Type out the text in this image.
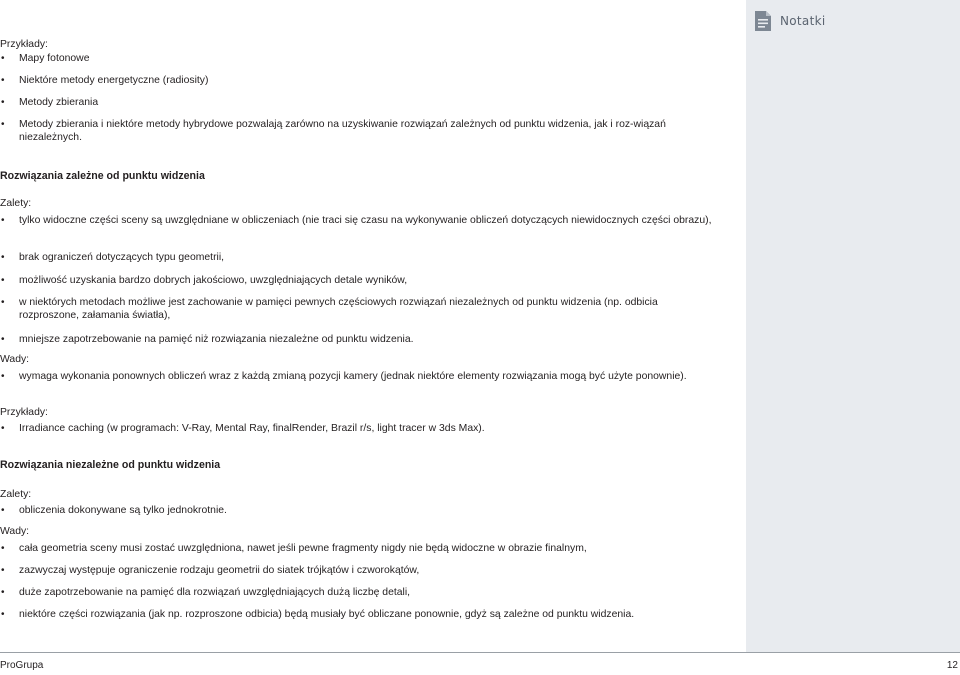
Przykłady:
• Mapy fotonowe
• Niektóre metody energetyczne (radiosity)
• Metody zbierania
• Metody zbierania i niektóre metody hybrydowe pozwalają zarówno na uzyskiwanie rozwiązań zależnych od punktu widzenia, jak i roz-wiązań niezależnych.
Rozwiązania zależne od punktu widzenia
Zalety:
• tylko widoczne części sceny są uwzględniane w obliczeniach (nie traci się czasu na wykonywanie obliczeń dotyczących niewidocznych części obrazu),
• brak ograniczeń dotyczących typu geometrii,
• możliwość uzyskania bardzo dobrych jakościowo, uwzględniających detale wyników,
• w niektórych metodach możliwe jest zachowanie w pamięci pewnych częściowych rozwiązań niezależnych od punktu widzenia (np. odbicia rozproszone, załamania światła),
• mniejsze zapotrzebowanie na pamięć niż rozwiązania niezależne od punktu widzenia.
Wady:
• wymaga wykonania ponownych obliczeń wraz z każdą zmianą pozycji kamery (jednak niektóre elementy rozwiązania mogą być użyte ponownie).
Przykłady:
• Irradiance caching (w programach: V-Ray, Mental Ray, finalRender, Brazil r/s, light tracer w 3ds Max).
Rozwiązania niezależne od punktu widzenia
Zalety:
• obliczenia dokonywane są tylko jednokrotnie.
Wady:
• cała geometria sceny musi zostać uwzględniona, nawet jeśli pewne fragmenty nigdy nie będą widoczne w obrazie finalnym,
• zazwyczaj występuje ograniczenie rodzaju geometrii do siatek trójkątów i czworokątów,
• duże zapotrzebowanie na pamięć dla rozwiązań uwzględniających dużą liczbę detali,
• niektóre części rozwiązania (jak np. rozproszone odbicia) będą musiały być obliczane ponownie, gdyż są zależne od punktu widzenia.
Notatki
ProGrupa	12
